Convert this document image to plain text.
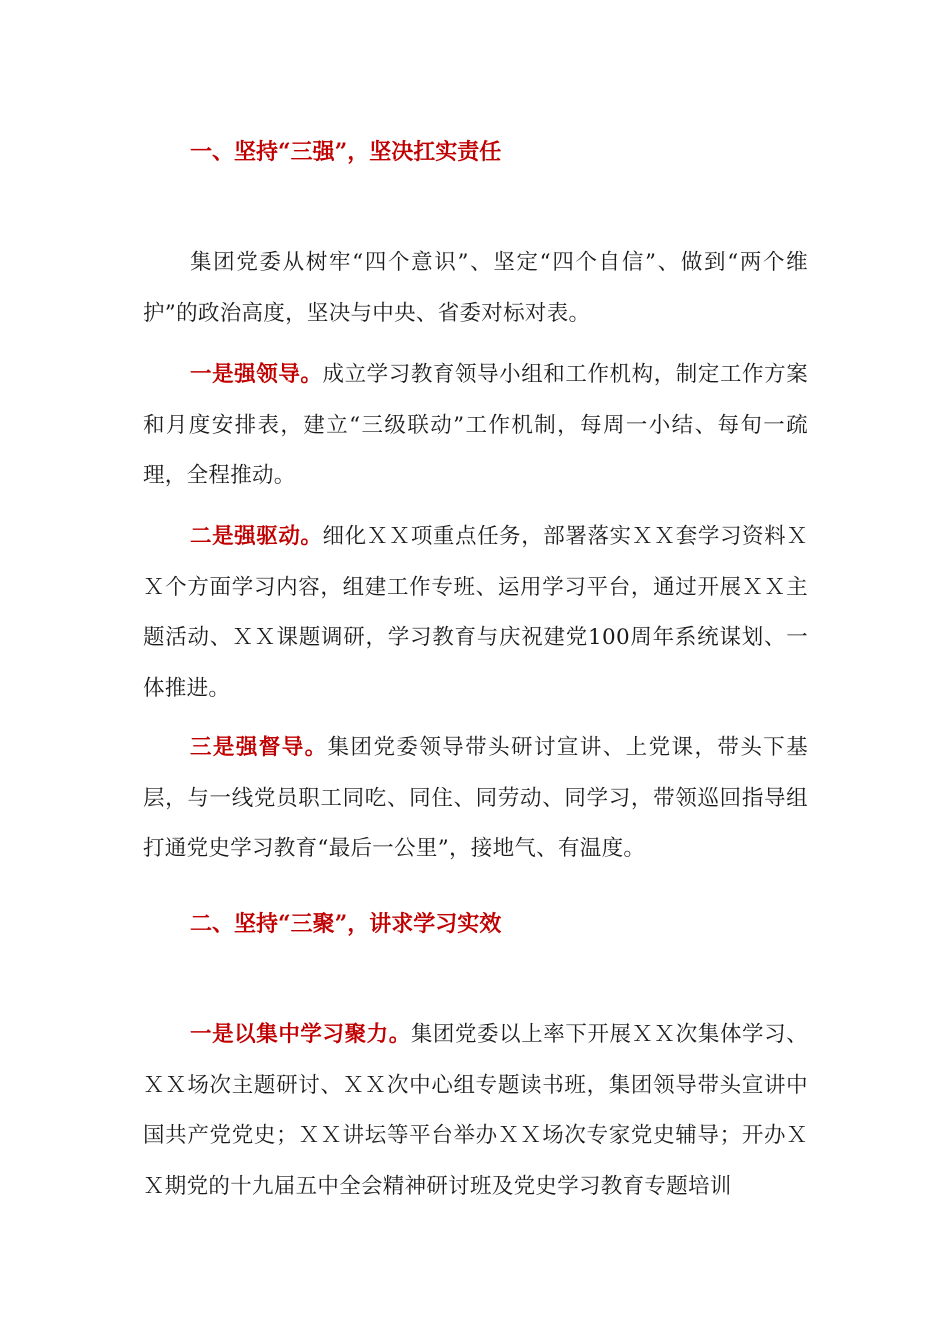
一、坚持“三强”，坚决扛实责任
集团党委从树牢“四个意识”、坚定“四个自信”、做到“两个维护”的政治高度，坚决与中央、省委对标对表。
一是强领导。成立学习教育领导小组和工作机构，制定工作方案和月度安排表，建立“三级联动”工作机制，每周一小结、每旬一疏理，全程推动。
二是强驱动。细化ＸＸ项重点任务，部署落实ＸＸ套学习资料ＸＸ个方面学习内容，组建工作专班、运用学习平台，通过开展ＸＸ主题活动、ＸＸ课题调研，学习教育与庆祝建党100周年系统谋划、一体推进。
三是强督导。集团党委领导带头研讨宣讲、上党课，带头下基层，与一线党员职工同吃、同住、同劳动、同学习，带领巡回指导组打通党史学习教育“最后一公里”，接地气、有温度。
二、坚持“三聚”，讲求学习实效
一是以集中学习聚力。集团党委以上率下开展ＸＸ次集体学习、ＸＸ场次主题研讨、ＸＸ次中心组专题读书班，集团领导带头宣讲中国共产党党史；ＸＸ讲坛等平台举办ＸＸ场次专家党史辅导；开办ＸＸ期党的十九届五中全会精神研讨班及党史学习教育专题培训
